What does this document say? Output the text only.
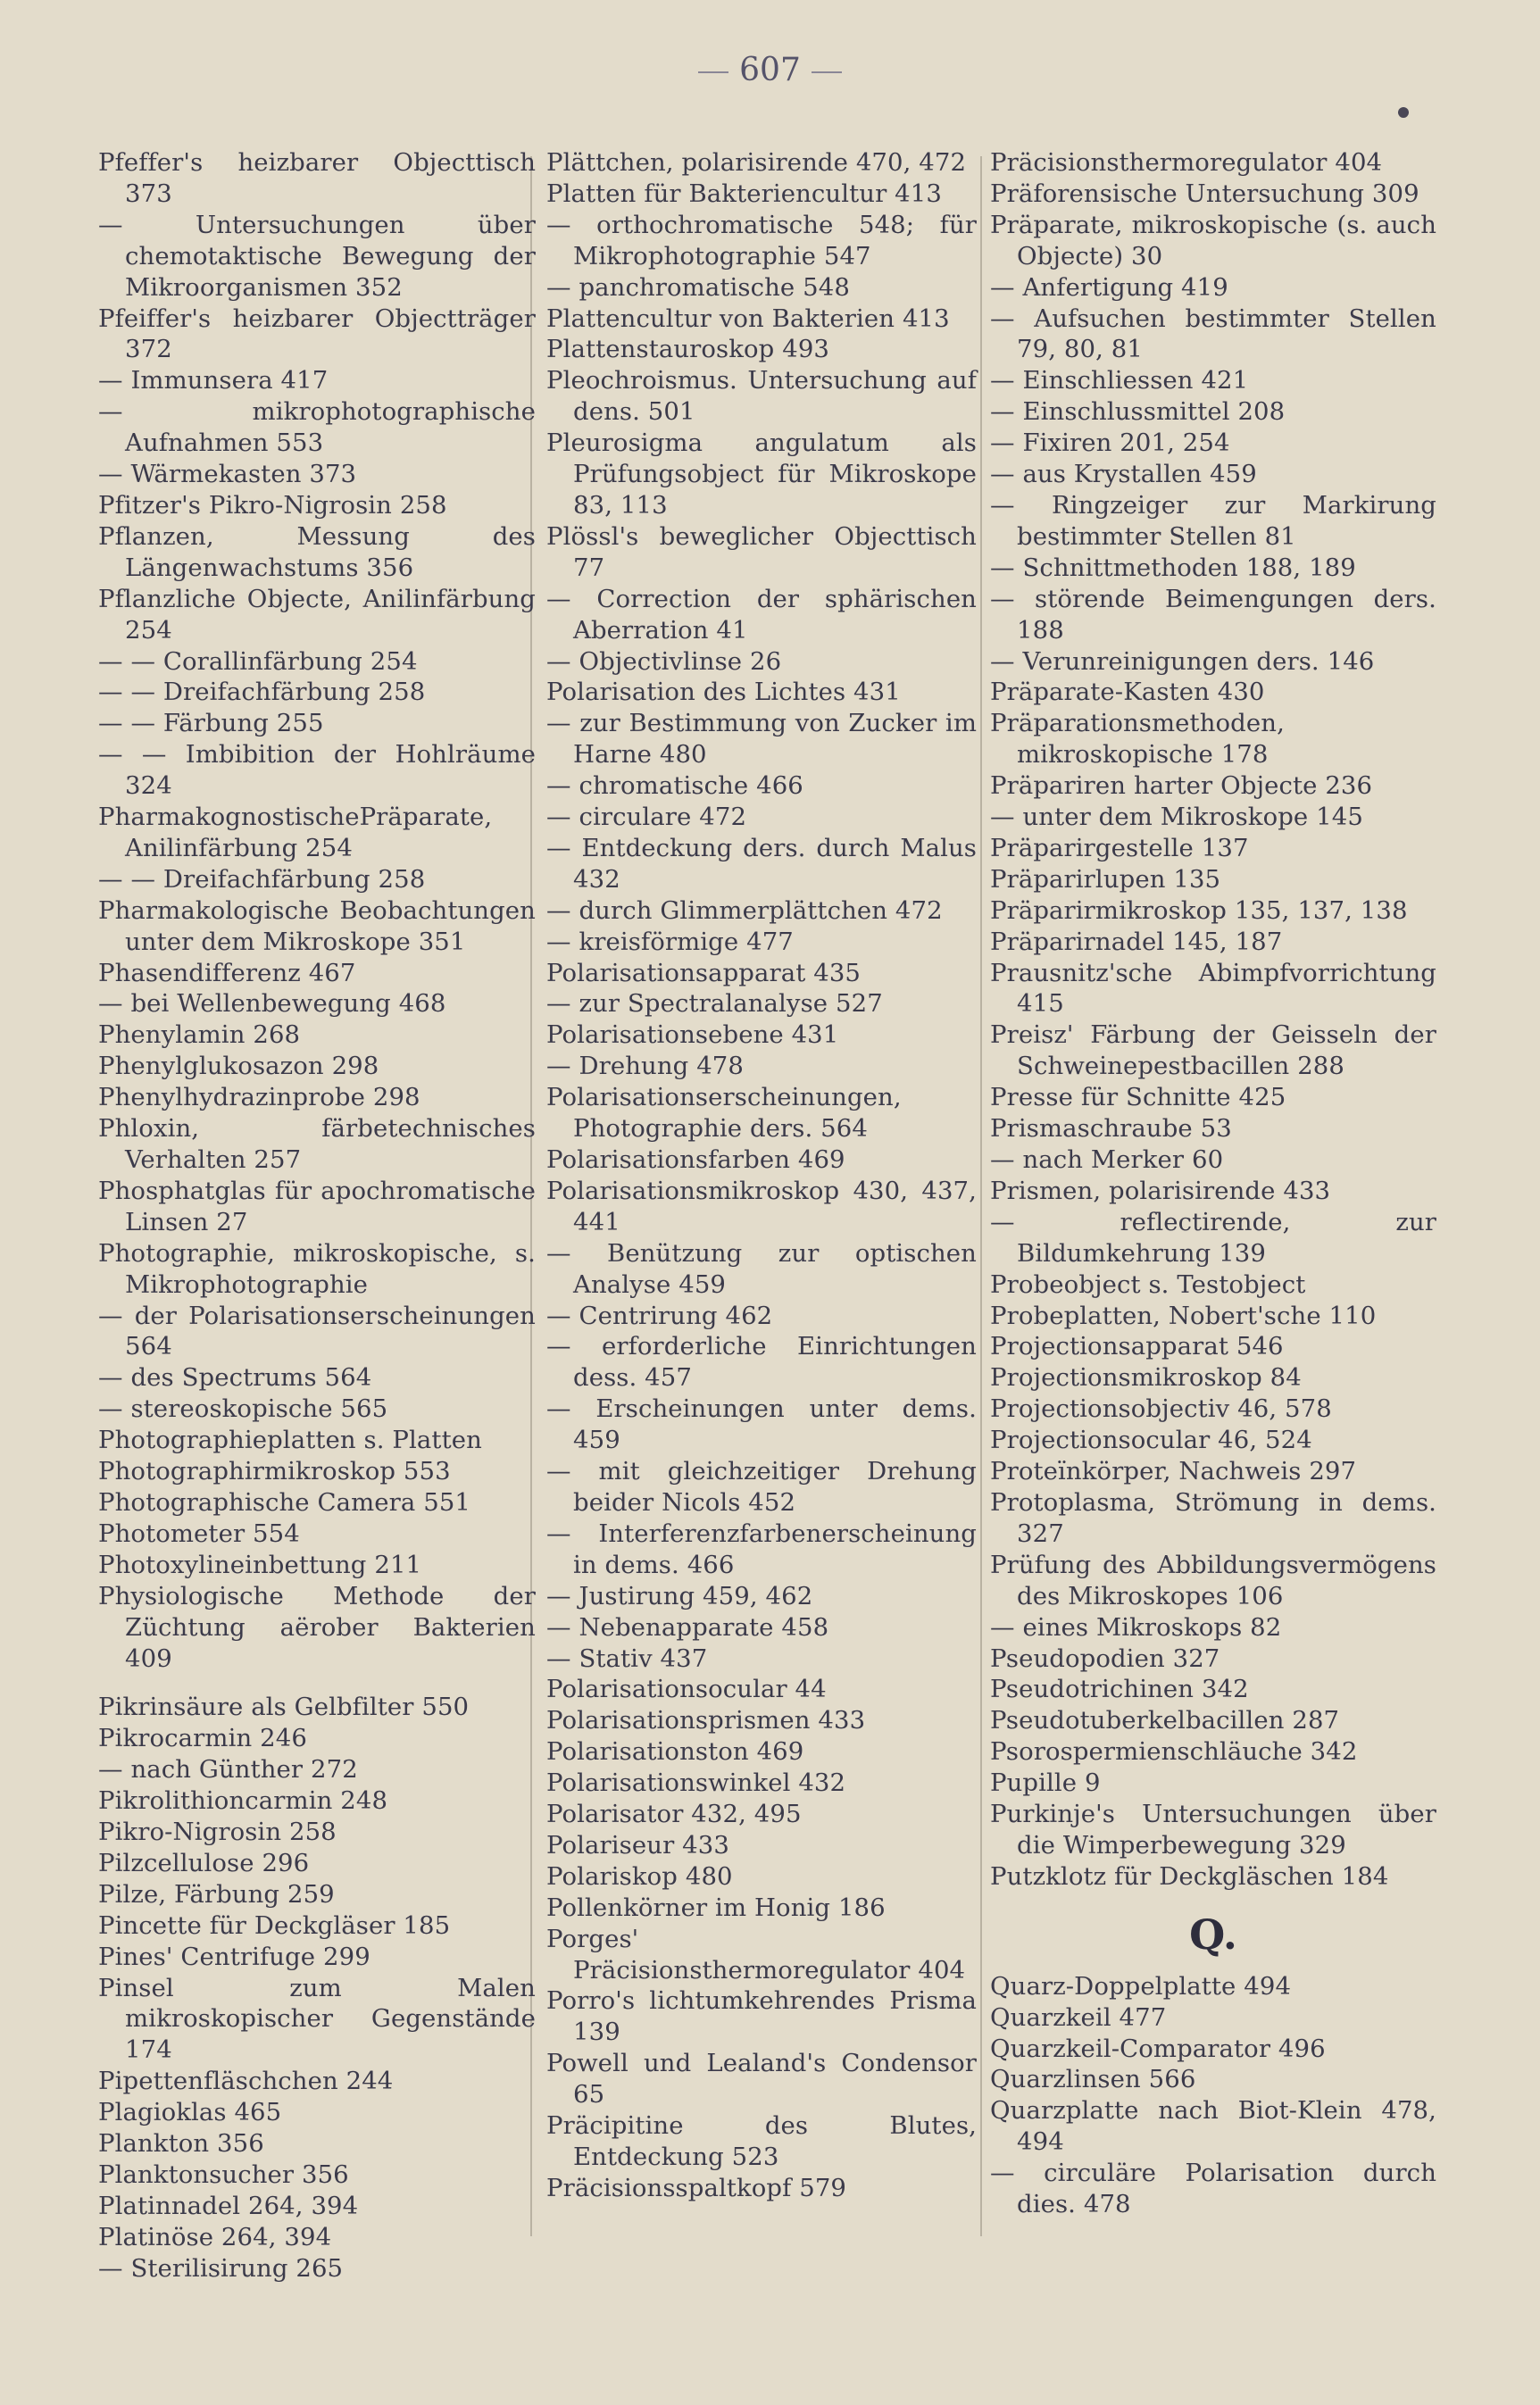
607
Pfeffer's heizbarer Objecttisch 373
— Untersuchungen über chemotaktische Bewegung der Mikroorganismen 352
Pfeiffer's heizbarer Objectträger 372
— Immunsera 417
— mikrophotographische Aufnahmen 553
— Wärmekasten 373
Pfitzer's Pikro-Nigrosin 258
Pflanzen, Messung des Längenwachstums 356
Pflanzliche Objecte, Anilinfärbung 254
— — Corallinfärbung 254
— — Dreifachfärbung 258
— — Färbung 255
— — Imbibition der Hohlräume 324
PharmakognostischePräparate, Anilinfärbung 254
— — Dreifachfärbung 258
Pharmakologische Beobachtungen unter dem Mikroskope 351
Phasendifferenz 467
— bei Wellenbewegung 468
Phenylamin 268
Phenylglukosazon 298
Phenylhydrazinprobe 298
Phloxin, färbetechnisches Verhalten 257
Phosphatglas für apochromatische Linsen 27
Photographie, mikroskopische, s. Mikrophotographie
— der Polarisationserscheinungen 564
— des Spectrums 564
— stereoskopische 565
Photographieplatten s. Platten
Photographirmikroskop 553
Photographische Camera 551
Photometer 554
Photoxylineinbettung 211
Physiologische Methode der Züchtung aërober Bakterien 409
Pikrinsäure als Gelbfilter 550
Pikrocarmin 246
— nach Günther 272
Pikrolithioncarmin 248
Pikro-Nigrosin 258
Pilzcellulose 296
Pilze, Färbung 259
Pincette für Deckgläser 185
Pines' Centrifuge 299
Pinsel zum Malen mikroskopischer Gegenstände 174
Pipettenfläschchen 244
Plagioklas 465
Plankton 356
Planktonsucher 356
Platinnadel 264, 394
Platinöse 264, 394
— Sterilisirung 265
Plättchen, polarisirende 470, 472
Platten für Bakteriencultur 413
— orthochromatische 548; für Mikrophotographie 547
— panchromatische 548
Plattencultur von Bakterien 413
Plattenstauroskop 493
Pleochroismus. Untersuchung auf dens. 501
Pleurosigma angulatum als Prüfungsobject für Mikroskope 83, 113
Plössl's beweglicher Objecttisch 77
— Correction der sphärischen Aberration 41
— Objectivlinse 26
Polarisation des Lichtes 431
— zur Bestimmung von Zucker im Harne 480
— chromatische 466
— circulare 472
— Entdeckung ders. durch Malus 432
— durch Glimmerplättchen 472
— kreisförmige 477
Polarisationsapparat 435
— zur Spectralanalyse 527
Polarisationsebene 431
— Drehung 478
Polarisationserscheinungen, Photographie ders. 564
Polarisationsfarben 469
Polarisationsmikroskop 430, 437, 441
— Benützung zur optischen Analyse 459
— Centrirung 462
— erforderliche Einrichtungen dess. 457
— Erscheinungen unter dems. 459
— mit gleichzeitiger Drehung beider Nicols 452
— Interferenzfarbenerscheinung in dems. 466
— Justirung 459, 462
— Nebenapparate 458
— Stativ 437
Polarisationsocular 44
Polarisationsprismen 433
Polarisationston 469
Polarisationswinkel 432
Polarisator 432, 495
Polariseur 433
Polariskop 480
Pollenkörner im Honig 186
Porges' Präcisionsthermoregulator 404
Porro's lichtumkehrendes Prisma 139
Powell und Lealand's Condensor 65
Präcipitine des Blutes, Entdeckung 523
Präcisionsspaltkopf 579
Präcisionsthermoregulator 404
Präforensische Untersuchung 309
Präparate, mikroskopische (s. auch Objecte) 30
— Anfertigung 419
— Aufsuchen bestimmter Stellen 79, 80, 81
— Einschliessen 421
— Einschlussmittel 208
— Fixiren 201, 254
— aus Krystallen 459
— Ringzeiger zur Markirung bestimmter Stellen 81
— Schnittmethoden 188, 189
— störende Beimengungen ders. 188
— Verunreinigungen ders. 146
Präparate-Kasten 430
Präparationsmethoden, mikroskopische 178
Präpariren harter Objecte 236
— unter dem Mikroskope 145
Präparirgestelle 137
Präparirlupen 135
Präparirmikroskop 135, 137, 138
Präparirnadel 145, 187
Prausnitz'sche Abimpfvorrichtung 415
Preisz' Färbung der Geisseln der Schweinepestbacillen 288
Presse für Schnitte 425
Prismaschraube 53
— nach Merker 60
Prismen, polarisirende 433
— reflectirende, zur Bildumkehrung 139
Probeobject s. Testobject
Probeplatten, Nobert'sche 110
Projectionsapparat 546
Projectionsmikroskop 84
Projectionsobjectiv 46, 578
Projectionsocular 46, 524
Proteïnkörper, Nachweis 297
Protoplasma, Strömung in dems. 327
Prüfung des Abbildungsvermögens des Mikroskopes 106
— eines Mikroskops 82
Pseudopodien 327
Pseudotrichinen 342
Pseudotuberkelbacillen 287
Psorospermienschläuche 342
Pupille 9
Purkinje's Untersuchungen über die Wimperbewegung 329
Putzklotz für Deckgläschen 184
Q.
Quarz-Doppelplatte 494
Quarzkeil 477
Quarzkeil-Comparator 496
Quarzlinsen 566
Quarzplatte nach Biot-Klein 478, 494
— circuläre Polarisation durch dies. 478
